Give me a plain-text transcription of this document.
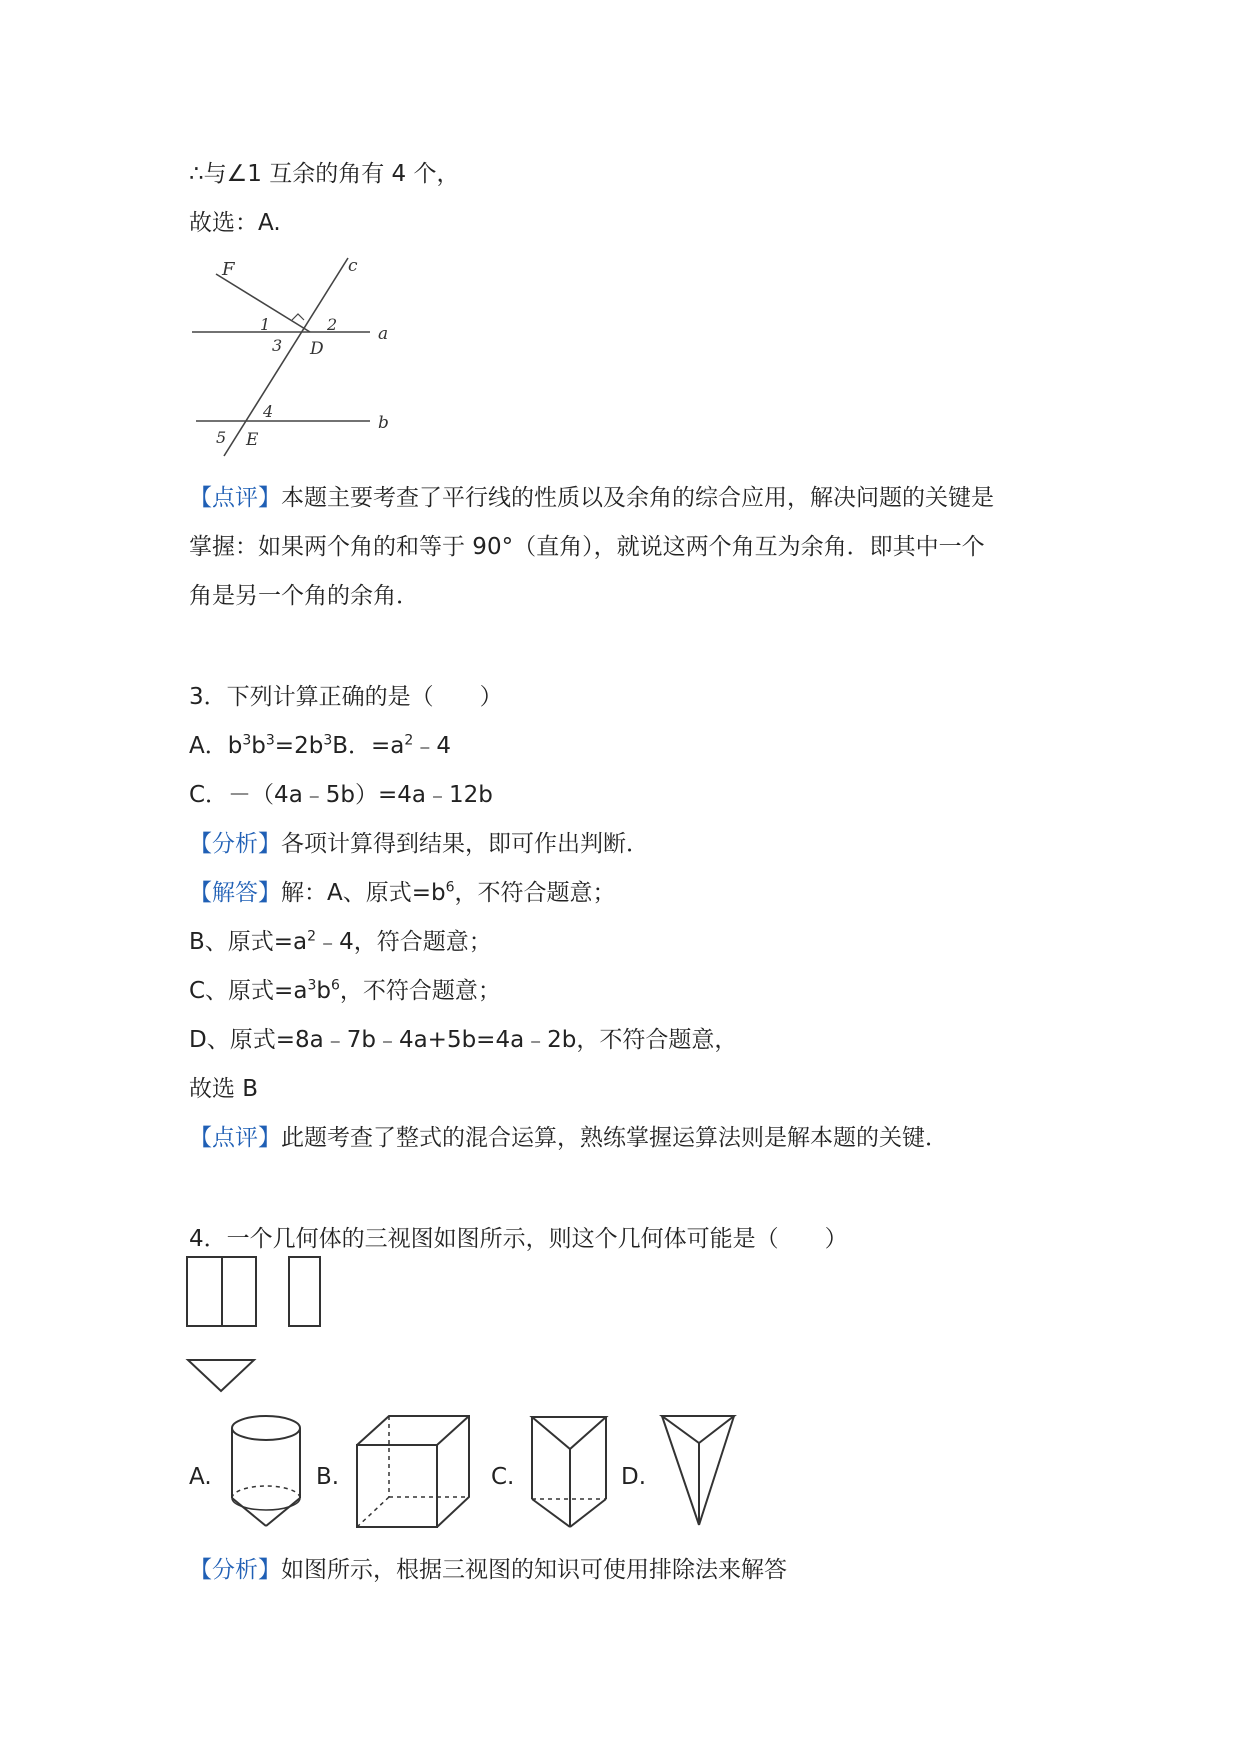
∴与∠1 互余的角有 4 个，
故选：A.
F	c
a
b
1	2
3 D
4
5 E
【点评】本题主要考查了平行线的性质以及余角的综合应用，解决问题的关键是
掌握：如果两个角的和等于 90°（直角），就说这两个角互为余角．即其中一个
角是另一个角的余角．
3．下列计算正确的是（　　）
A．$b^3b^3=2b^3B$．$=a^2﹣4$
C．－（4a﹣5b）=4a﹣12b
【分析】各项计算得到结果，即可作出判断．
【解答】解：A、原式$=b^6$，不符合题意；
B、原式$=a^2﹣4$，符合题意；
C、原式$=a^3b^6$，不符合题意；
D、原式=8a﹣7b﹣4a+5b=4a﹣2b，不符合题意，
故选 B
【点评】此题考查了整式的混合运算，熟练掌握运算法则是解本题的关键．
4．一个几何体的三视图如图所示，则这个几何体可能是（　　）
A.	B.	C.	D.
【分析】如图所示，根据三视图的知识可使用排除法来解答
